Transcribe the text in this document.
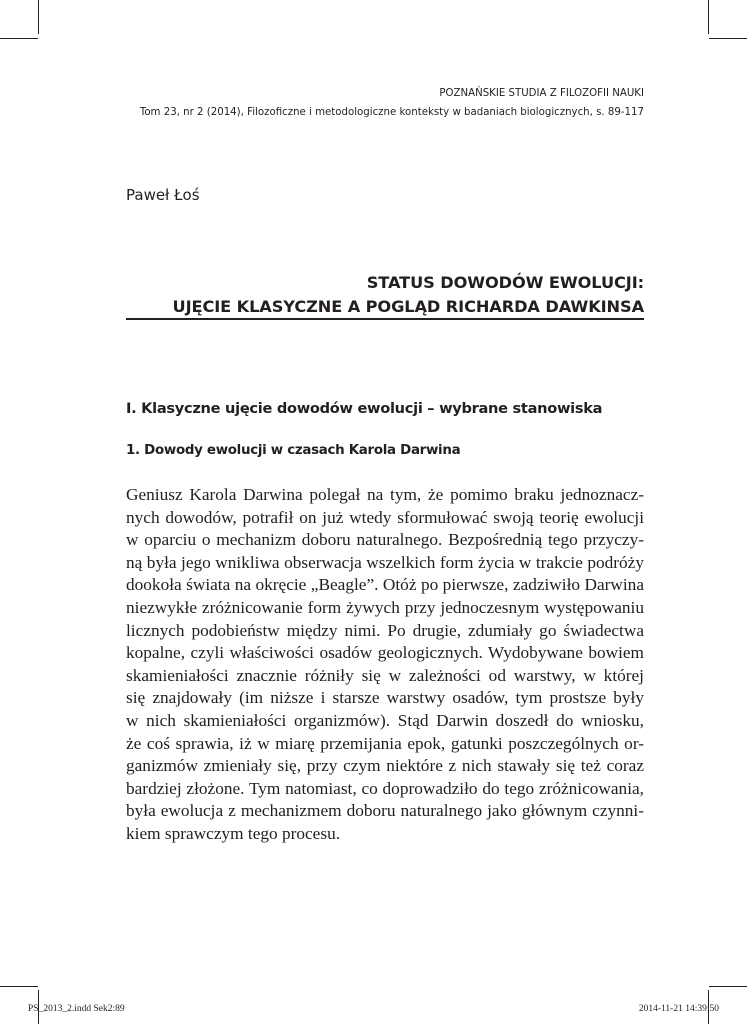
POZNAŃSKIE STUDIA Z FILOZOFII NAUKI
Tom 23, nr 2 (2014), Filozoficzne i metodologiczne konteksty w badaniach biologicznych, s. 89-117
Paweł Łoś
STATUS DOWODÓW EWOLUCJI:
UJĘCIE KLASYCZNE A POGLĄD RICHARDA DAWKINSA
I. Klasyczne ujęcie dowodów ewolucji – wybrane stanowiska
1. Dowody ewolucji w czasach Karola Darwina
Geniusz Karola Darwina polegał na tym, że pomimo braku jednoznacz-
nych dowodów, potrafił on już wtedy sformułować swoją teorię ewolucji
w oparciu o mechanizm doboru naturalnego. Bezpośrednią tego przyczy-
ną była jego wnikliwa obserwacja wszelkich form życia w trakcie podróży
dookoła świata na okręcie „Beagle”. Otóż po pierwsze, zadziwiło Darwina
niezwykłe zróżnicowanie form żywych przy jednoczesnym występowaniu
licznych podobieństw między nimi. Po drugie, zdumiały go świadectwa
kopalne, czyli właściwości osadów geologicznych. Wydobywane bowiem
skamieniałości znacznie różniły się w zależności od warstwy, w której
się znajdowały (im niższe i starsze warstwy osadów, tym prostsze były
w nich skamieniałości organizmów). Stąd Darwin doszedł do wniosku,
że coś sprawia, iż w miarę przemijania epok, gatunki poszczególnych or-
ganizmów zmieniały się, przy czym niektóre z nich stawały się też coraz
bardziej złożone. Tym natomiast, co doprowadziło do tego zróżnicowania,
była ewolucja z mechanizmem doboru naturalnego jako głównym czynni-
kiem sprawczym tego procesu.
PS_2013_2.indd Sek2:89	2014-11-21 14:39:50
